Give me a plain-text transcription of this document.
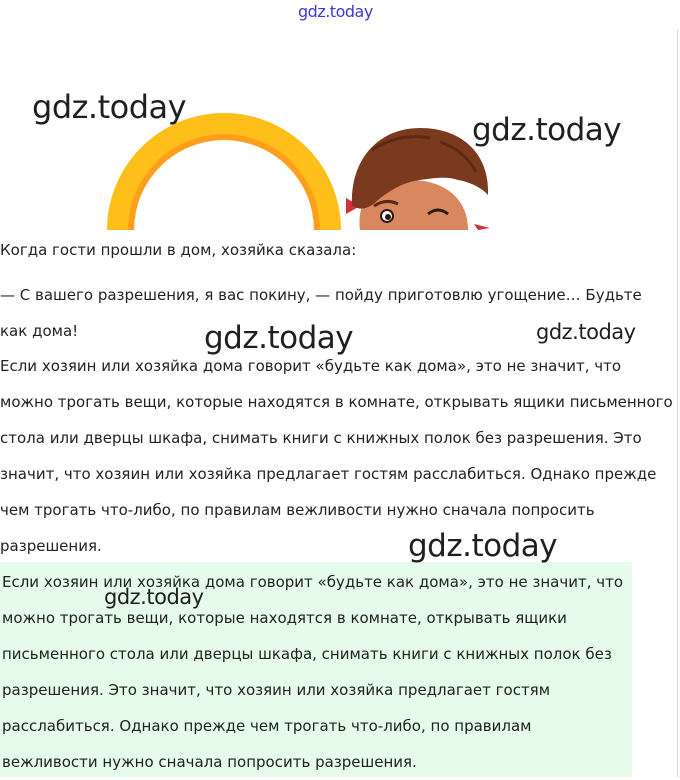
gdz.today
gdz.today
gdz.today

Когда гости прошли в дом, хозяйка сказала:

— С вашего разрешения, я вас покину, — пойду приготовлю угощение… Будьте как дома!

Если хозяин или хозяйка дома говорит «будьте как дома», это не значит, что можно трогать вещи, которые находятся в комнате, открывать ящики письменного стола или дверцы шкафа, снимать книги с книжных полок без разрешения. Это значит, что хозяин или хозяйка предлагает гостям расслабиться. Однако прежде чем трогать что-либо, по правилам вежливости нужно сначала попросить разрешения.

Если хозяин или хозяйка дома говорит «будьте как дома», это не значит, что можно трогать вещи, которые находятся в комнате, открывать ящики письменного стола или дверцы шкафа, снимать книги с книжных полок без разрешения. Это значит, что хозяин или хозяйка предлагает гостям расслабиться. Однако прежде чем трогать что-либо, по правилам вежливости нужно сначала попросить разрешения.

gdz.today	gdz.today
gdz.today
gdz.today
